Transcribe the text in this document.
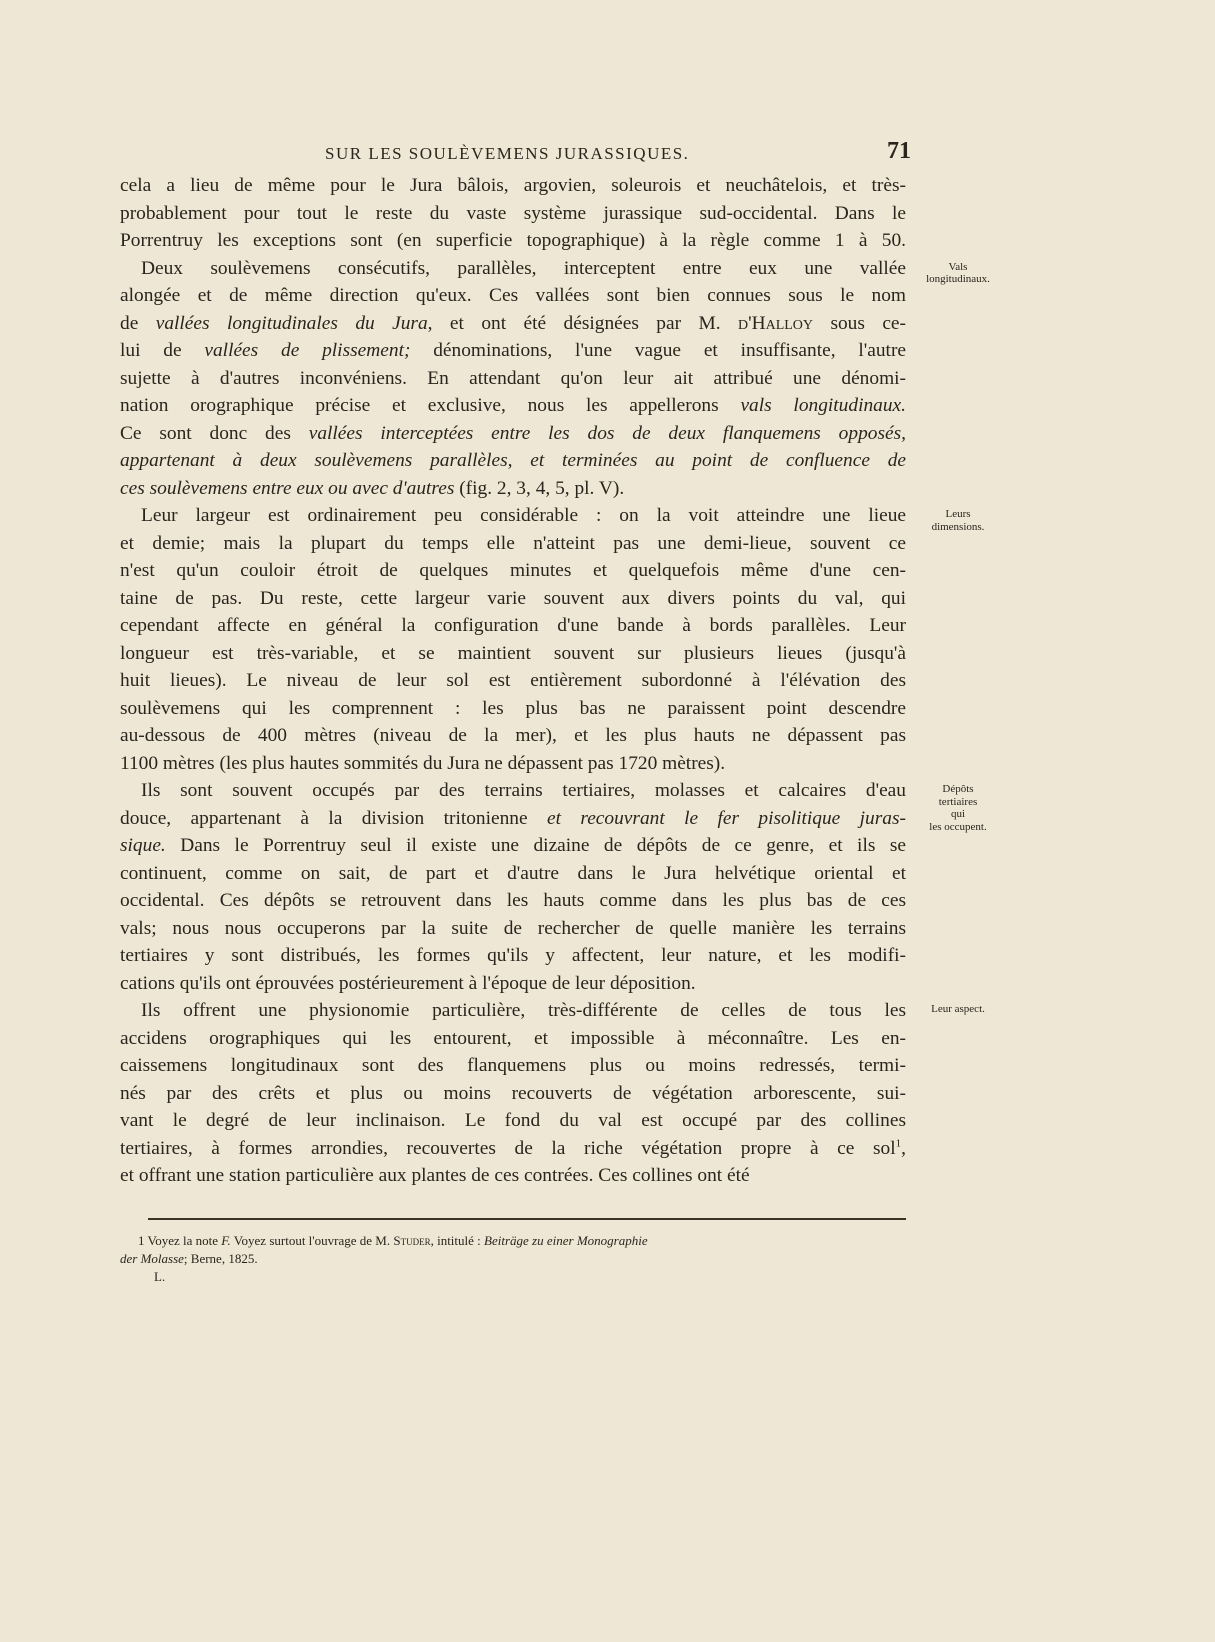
SUR LES SOULÈVEMENS JURASSIQUES.	71
cela a lieu de même pour le Jura bâlois, argovien, soleurois et neuchâtelois, et très-
probablement pour tout le reste du vaste système jurassique sud-occidental. Dans le
Porrentruy les exceptions sont (en superficie topographique) à la règle comme 1 à 50.
Deux soulèvemens consécutifs, parallèles, interceptent entre eux une vallée
alongée et de même direction qu'eux. Ces vallées sont bien connues sous le nom
de vallées longitudinales du Jura, et ont été désignées par M. d'Halloy sous ce-
lui de vallées de plissement; dénominations, l'une vague et insuffisante, l'autre
sujette à d'autres inconvéniens. En attendant qu'on leur ait attribué une dénomi-
nation orographique précise et exclusive, nous les appellerons vals longitudinaux.
Ce sont donc des vallées interceptées entre les dos de deux flanquemens opposés,
appartenant à deux soulèvemens parallèles, et terminées au point de confluence de
ces soulèvemens entre eux ou avec d'autres (fig. 2, 3, 4, 5, pl. V).
Leur largeur est ordinairement peu considérable : on la voit atteindre une lieue
et demie; mais la plupart du temps elle n'atteint pas une demi-lieue, souvent ce
n'est qu'un couloir étroit de quelques minutes et quelquefois même d'une cen-
taine de pas. Du reste, cette largeur varie souvent aux divers points du val, qui
cependant affecte en général la configuration d'une bande à bords parallèles. Leur
longueur est très-variable, et se maintient souvent sur plusieurs lieues (jusqu'à
huit lieues). Le niveau de leur sol est entièrement subordonné à l'élévation des
soulèvemens qui les comprennent : les plus bas ne paraissent point descendre
au-dessous de 400 mètres (niveau de la mer), et les plus hauts ne dépassent pas
1100 mètres (les plus hautes sommités du Jura ne dépassent pas 1720 mètres).
Ils sont souvent occupés par des terrains tertiaires, molasses et calcaires d'eau
douce, appartenant à la division tritonienne et recouvrant le fer pisolitique juras-
sique. Dans le Porrentruy seul il existe une dizaine de dépôts de ce genre, et ils se
continuent, comme on sait, de part et d'autre dans le Jura helvétique oriental et
occidental. Ces dépôts se retrouvent dans les hauts comme dans les plus bas de ces
vals; nous nous occuperons par la suite de rechercher de quelle manière les terrains
tertiaires y sont distribués, les formes qu'ils y affectent, leur nature, et les modifi-
cations qu'ils ont éprouvées postérieurement à l'époque de leur déposition.
Ils offrent une physionomie particulière, très-différente de celles de tous les
accidens orographiques qui les entourent, et impossible à méconnaître. Les en-
caissemens longitudinaux sont des flanquemens plus ou moins redressés, termi-
nés par des crêts et plus ou moins recouverts de végétation arborescente, sui-
vant le degré de leur inclinaison. Le fond du val est occupé par des collines
tertiaires, à formes arrondies, recouvertes de la riche végétation propre à ce sol$^1$,
et offrant une station particulière aux plantes de ces contrées. Ces collines ont été
Vals
longitudinaux.
Leurs
dimensions.
Dépôts
tertiaires
qui
les occupent.
Leur aspect.
1 Voyez la note F. Voyez surtout l'ouvrage de M. Studer, intitulé : Beiträge zu einer Monographie
der Molasse; Berne, 1825.
L.
